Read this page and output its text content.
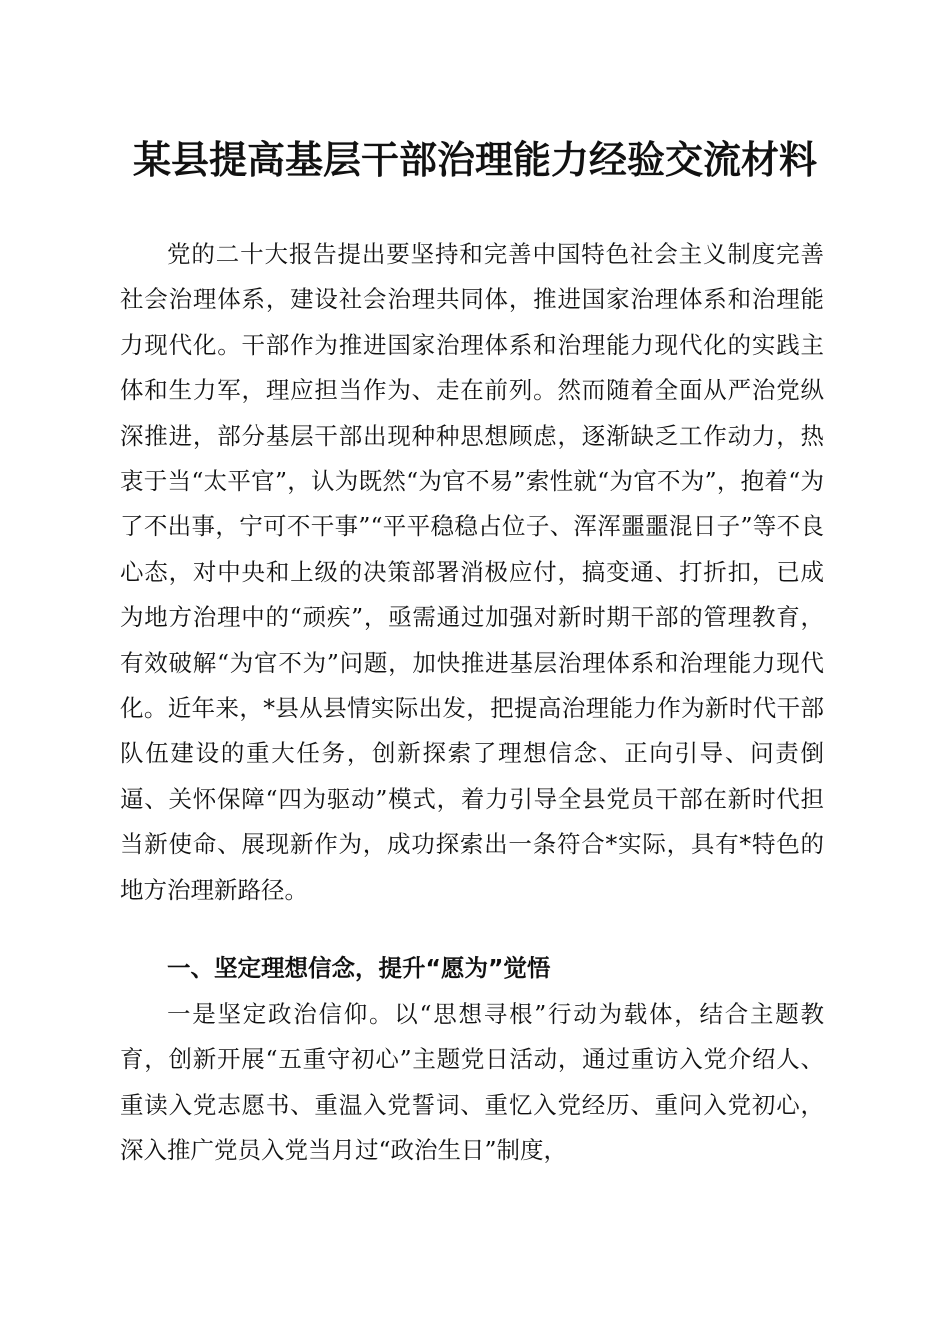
某县提高基层干部治理能力经验交流材料

党的二十大报告提出要坚持和完善中国特色社会主义制度完善社会治理体系，建设社会治理共同体，推进国家治理体系和治理能力现代化。干部作为推进国家治理体系和治理能力现代化的实践主体和生力军，理应担当作为、走在前列。然而随着全面从严治党纵深推进，部分基层干部出现种种思想顾虑，逐渐缺乏工作动力，热衷于当“太平官”，认为既然“为官不易”索性就“为官不为”，抱着“为了不出事，宁可不干事”“平平稳稳占位子、浑浑噩噩混日子”等不良心态，对中央和上级的决策部署消极应付，搞变通、打折扣，已成为地方治理中的“顽疾”，亟需通过加强对新时期干部的管理教育，有效破解“为官不为”问题，加快推进基层治理体系和治理能力现代化。近年来，*县从县情实际出发，把提高治理能力作为新时代干部队伍建设的重大任务，创新探索了理想信念、正向引导、问责倒逼、关怀保障“四为驱动”模式，着力引导全县党员干部在新时代担当新使命、展现新作为，成功探索出一条符合*实际，具有*特色的地方治理新路径。

一、坚定理想信念，提升“愿为”觉悟

一是坚定政治信仰。以“思想寻根”行动为载体，结合主题教育，创新开展“五重守初心”主题党日活动，通过重访入党介绍人、重读入党志愿书、重温入党誓词、重忆入党经历、重问入党初心，深入推广党员入党当月过“政治生日”制度，
